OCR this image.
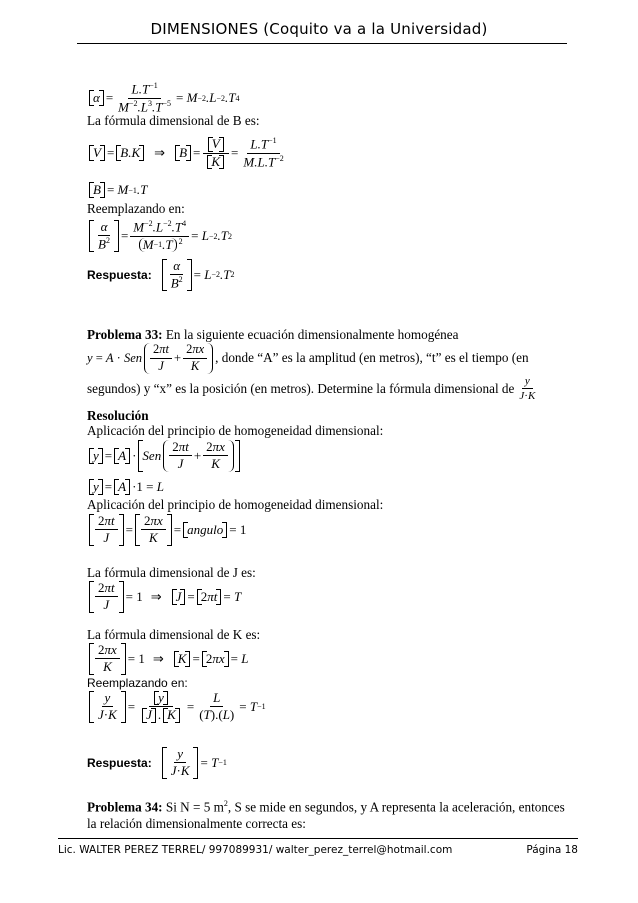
DIMENSIONES (Coquito va a la Universidad)
$\alpha = \frac{L.T^{-1}}{M^{-2}.L^3.T^{-5}} = M -2$ .L −2 .T 4
La fórmula dimensional de B es:
V = B.K ⇒ $B = \frac{V}{K} = \frac{L.T^{-1}}{M.L.T^{-2}}$
B = M −1 .T
Reemplazando en:
$\frac{\alpha}{B^2} = \frac{M^{-2}.L^{-2}.T^4}{M -1 .T ^2} = L -2$ .T 2
Respuesta: $\frac{\alpha}{B^2} = L -2$ .T 2
Problema 33: En la siguiente ecuación dimensionalmente homogénea
y = A · Sen $\frac{2\pi t}{J} + \frac{2\pi x}{K}$ , donde “A” es la amplitud (en metros), “t” es el tiempo (en
segundos) y “x” es la posición (en metros). Determine la fórmula dimensional de $\frac{y}{J\cdot K}$
Resolución
Aplicación del principio de homogeneidad dimensional:
y = A · Sen $\frac{2\pi t}{J} + \frac{2\pi x}{K}$
y = A ·1 = L
Aplicación del principio de homogeneidad dimensional:
$\frac{2\pi t}{J} = \frac{2\pi x}{K}$ = angulo = 1
La fórmula dimensional de J es:
$\frac{2\pi t}{J} = 1$
⇒ J = 2 πt = T
La fórmula dimensional de K es:
$\frac{2\pi x}{K} = 1$
⇒ K = 2 πx = L
Reemplazando en:
$\frac{y}{J\cdot K} = \frac{y}{J . K} = \frac{L}{(T).(L)} = T -1$
Respuesta: $\frac{y}{J\cdot K} = T -1$
Problema 34: Si N = 5 $m^2$, S se mide en segundos, y A representa la aceleración, entonces
la relación dimensionalmente correcta es:
Lic. WALTER PEREZ TERREL/ 997089931/ walter_perez_terrel@hotmail.com	Página 18
